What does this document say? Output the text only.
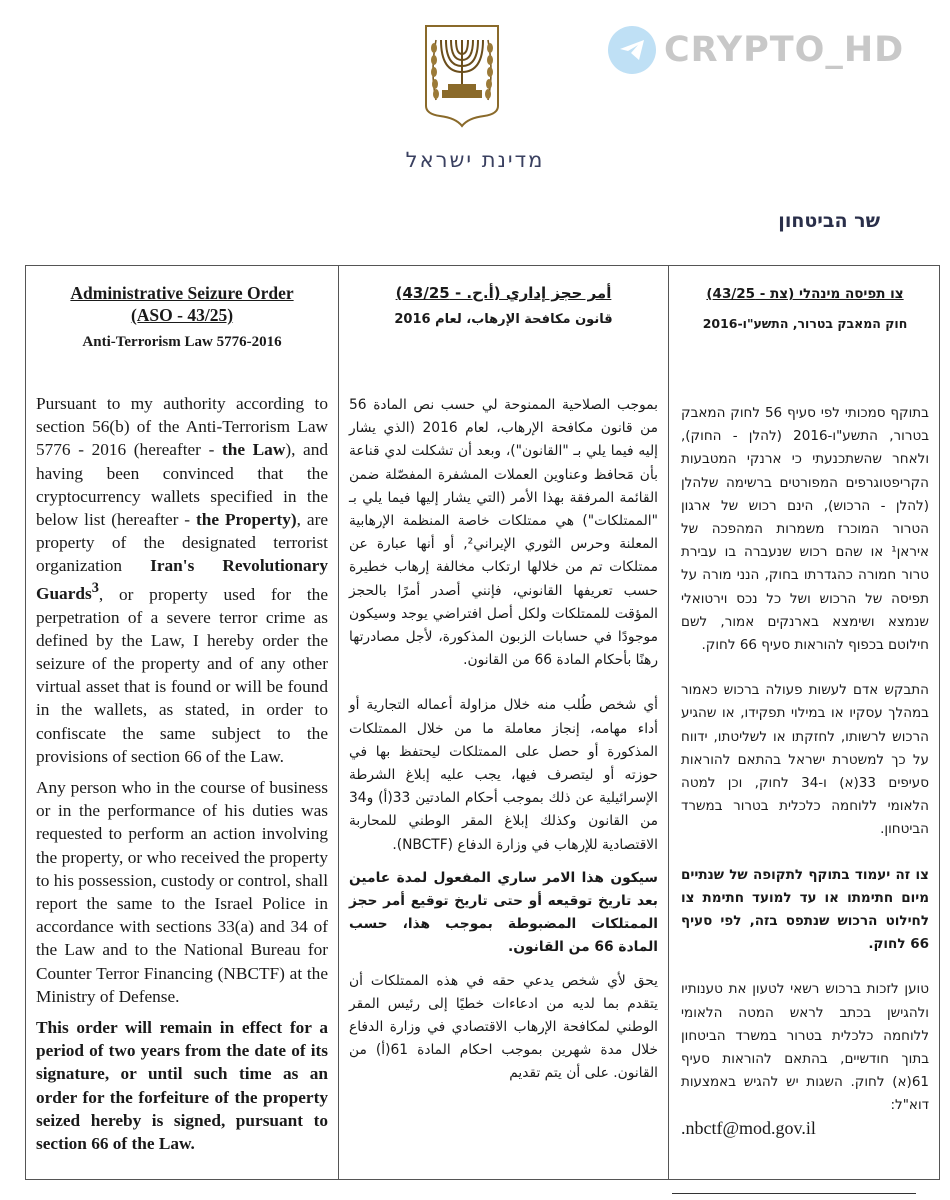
CRYPTO_HD
מדינת ישראל
שר הביטחון
Administrative Seizure Order
(ASO - 43/25)
Anti-Terrorism Law 5776-2016
Pursuant to my authority according to section 56(b) of the Anti-Terrorism Law 5776 - 2016 (hereafter - the Law), and having been convinced that the cryptocurrency wallets specified in the below list (hereafter - the Property), are property of the designated terrorist organization Iran's Revolutionary Guards$^3$, or property used for the perpetration of a severe terror crime as defined by the Law, I hereby order the seizure of the property and of any other virtual asset that is found or will be found in the wallets, as stated, in order to confiscate the same subject to the provisions of section 66 of the Law.
Any person who in the course of business or in the performance of his duties was requested to perform an action involving the property, or who received the property to his possession, custody or control, shall report the same to the Israel Police in accordance with sections 33(a) and 34 of the Law and to the National Bureau for Counter Terror Financing (NBCTF) at the Ministry of Defense.
This order will remain in effect for a period of two years from the date of its signature, or until such time as an order for the forfeiture of the property seized hereby is signed, pursuant to section 66 of the Law.
أمر حجز إداري (أ.ح. - 43/25)
قانون مكافحة الإرهاب، لعام 2016
بموجب الصلاحية الممنوحة لي حسب نص المادة 56 من قانون مكافحة الإرهاب، لعام 2016 (الذي يشار إليه فيما يلي بـ "القانون")، وبعد أن تشكلت لدي قناعة بأن مَحافظ وعناوين العملات المشفرة المفصّلة ضمن القائمة المرفقة بهذا الأمر (التي يشار إليها فيما يلي بـ "الممتلكات") هي ممتلكات خاصة المنظمة الإرهابية المعلنة وحرس الثوري الإيراني², أو أنها عبارة عن ممتلكات تم من خلالها ارتكاب مخالفة إرهاب خطيرة حسب تعريفها القانوني، فإنني أصدر أمرًا بالحجز المؤقت للممتلكات ولكل أصل افتراضي يوجد وسيكون موجودًا في حسابات الزبون المذكورة، لأجل مصادرتها رهنًا بأحكام المادة 66 من القانون.
أي شخص طُلب منه خلال مزاولة أعماله التجارية أو أداء مهامه، إنجاز معاملة ما من خلال الممتلكات المذكورة أو حصل على الممتلكات ليحتفظ بها في حوزته أو ليتصرف فيها، يجب عليه إبلاغ الشرطة الإسرائيلية عن ذلك بموجب أحكام المادتين 33(أ) و34 من القانون وكذلك إبلاغ المقر الوطني للمحاربة الاقتصادية للإرهاب في وزارة الدفاع (NBCTF).
سيكون هذا الامر ساري المفعول لمدة عامين بعد تاريخ توقيعه أو حتى تاريخ توقيع أمر حجز الممتلكات المضبوطة بموجب هذا، حسب المادة 66 من القانون.
يحق لأي شخص يدعي حقه في هذه الممتلكات أن يتقدم بما لديه من ادعاءات خطيًا إلى رئيس المقر الوطني لمكافحة الإرهاب الاقتصادي في وزارة الدفاع خلال مدة شهرين بموجب احكام المادة 61(أ) من القانون. على أن يتم تقديم
צו תפיסה מינהלי (צת - 43/25)
חוק המאבק בטרור, התשע"ו-2016
בתוקף סמכותי לפי סעיף 56 לחוק המאבק בטרור, התשע"ו-2016 (להלן - החוק), ולאחר שהשתכנעתי כי ארנקי המטבעות הקריפטוגרפים המפורטים ברשימה שלהלן (להלן - הרכוש), הינם רכוש של ארגון הטרור המוכרז משמרות המהפכה של איראן¹ או שהם רכוש שנעברה בו עבירת טרור חמורה כהגדרתו בחוק, הנני מורה על תפיסה של הרכוש ושל כל נכס וירטואלי שנמצא ושימצא בארנקים אמור, לשם חילוטם בכפוף להוראות סעיף 66 לחוק.
התבקש אדם לעשות פעולה ברכוש כאמור במהלך עסקיו או במילוי תפקידו, או שהגיע הרכוש לרשותו, לחזקתו או לשליטתו, ידווח על כך למשטרת ישראל בהתאם להוראות סעיפים 33(א) ו-34 לחוק, וכן למטה הלאומי ללוחמה כלכלית בטרור במשרד הביטחון.
צו זה יעמוד בתוקף לתקופה של שנתיים מיום חתימתו או עד למועד חתימת צו לחילוט הרכוש שנתפס בזה, לפי סעיף 66 לחוק.
טוען לזכות ברכוש רשאי לטעון את טענותיו ולהגישן בכתב לראש המטה הלאומי ללוחמה כלכלית בטרור במשרד הביטחון בתוך חודשיים, בהתאם להוראות סעיף 61(א) לחוק. השגות יש להגיש באמצעות דוא"ל:
.nbctf@mod.gov.il
